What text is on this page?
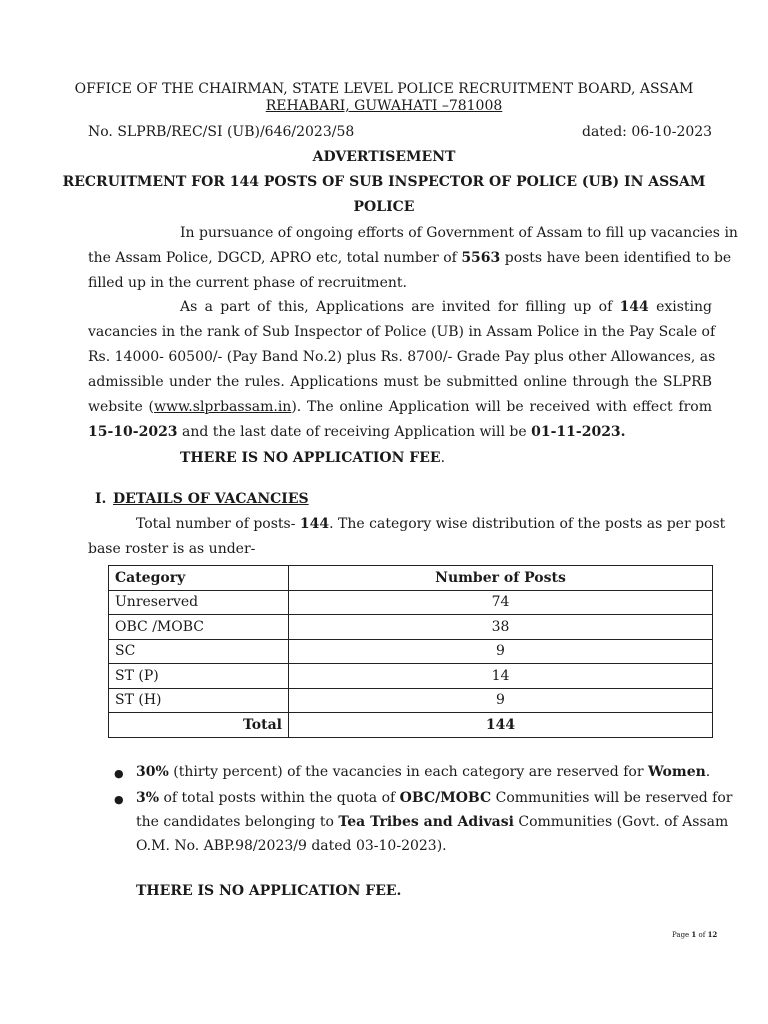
OFFICE OF THE CHAIRMAN, STATE LEVEL POLICE RECRUITMENT BOARD, ASSAM
REHABARI, GUWAHATI –781008
No. SLPRB/REC/SI (UB)/646/2023/58	dated: 06-10-2023
ADVERTISEMENT
RECRUITMENT FOR 144 POSTS OF SUB INSPECTOR OF POLICE (UB) IN ASSAM
POLICE
In pursuance of ongoing efforts of Government of Assam to fill up vacancies in
the Assam Police, DGCD, APRO etc, total number of 5563 posts have been identified to be
filled up in the current phase of recruitment.
As a part of this, Applications are invited for filling up of 144 existing
vacancies in the rank of Sub Inspector of Police (UB) in Assam Police in the Pay Scale of
Rs. 14000- 60500/- (Pay Band No.2) plus Rs. 8700/- Grade Pay plus other Allowances, as
admissible under the rules. Applications must be submitted online through the SLPRB
website (www.slprbassam.in). The online Application will be received with effect from
15-10-2023 and the last date of receiving Application will be 01-11-2023.
THERE IS NO APPLICATION FEE.
I. DETAILS OF VACANCIES
Total number of posts- 144. The category wise distribution of the posts as per post
base roster is as under-
Category	Number of Posts
Unreserved	74
OBC /MOBC	38
SC	9
ST (P)	14
ST (H)	9
Total	144
● 30% (thirty percent) of the vacancies in each category are reserved for Women.
● 3% of total posts within the quota of OBC/MOBC Communities will be reserved for
the candidates belonging to Tea Tribes and Adivasi Communities (Govt. of Assam
O.M. No. ABP.98/2023/9 dated 03-10-2023).
THERE IS NO APPLICATION FEE.
Page 1 of 12
